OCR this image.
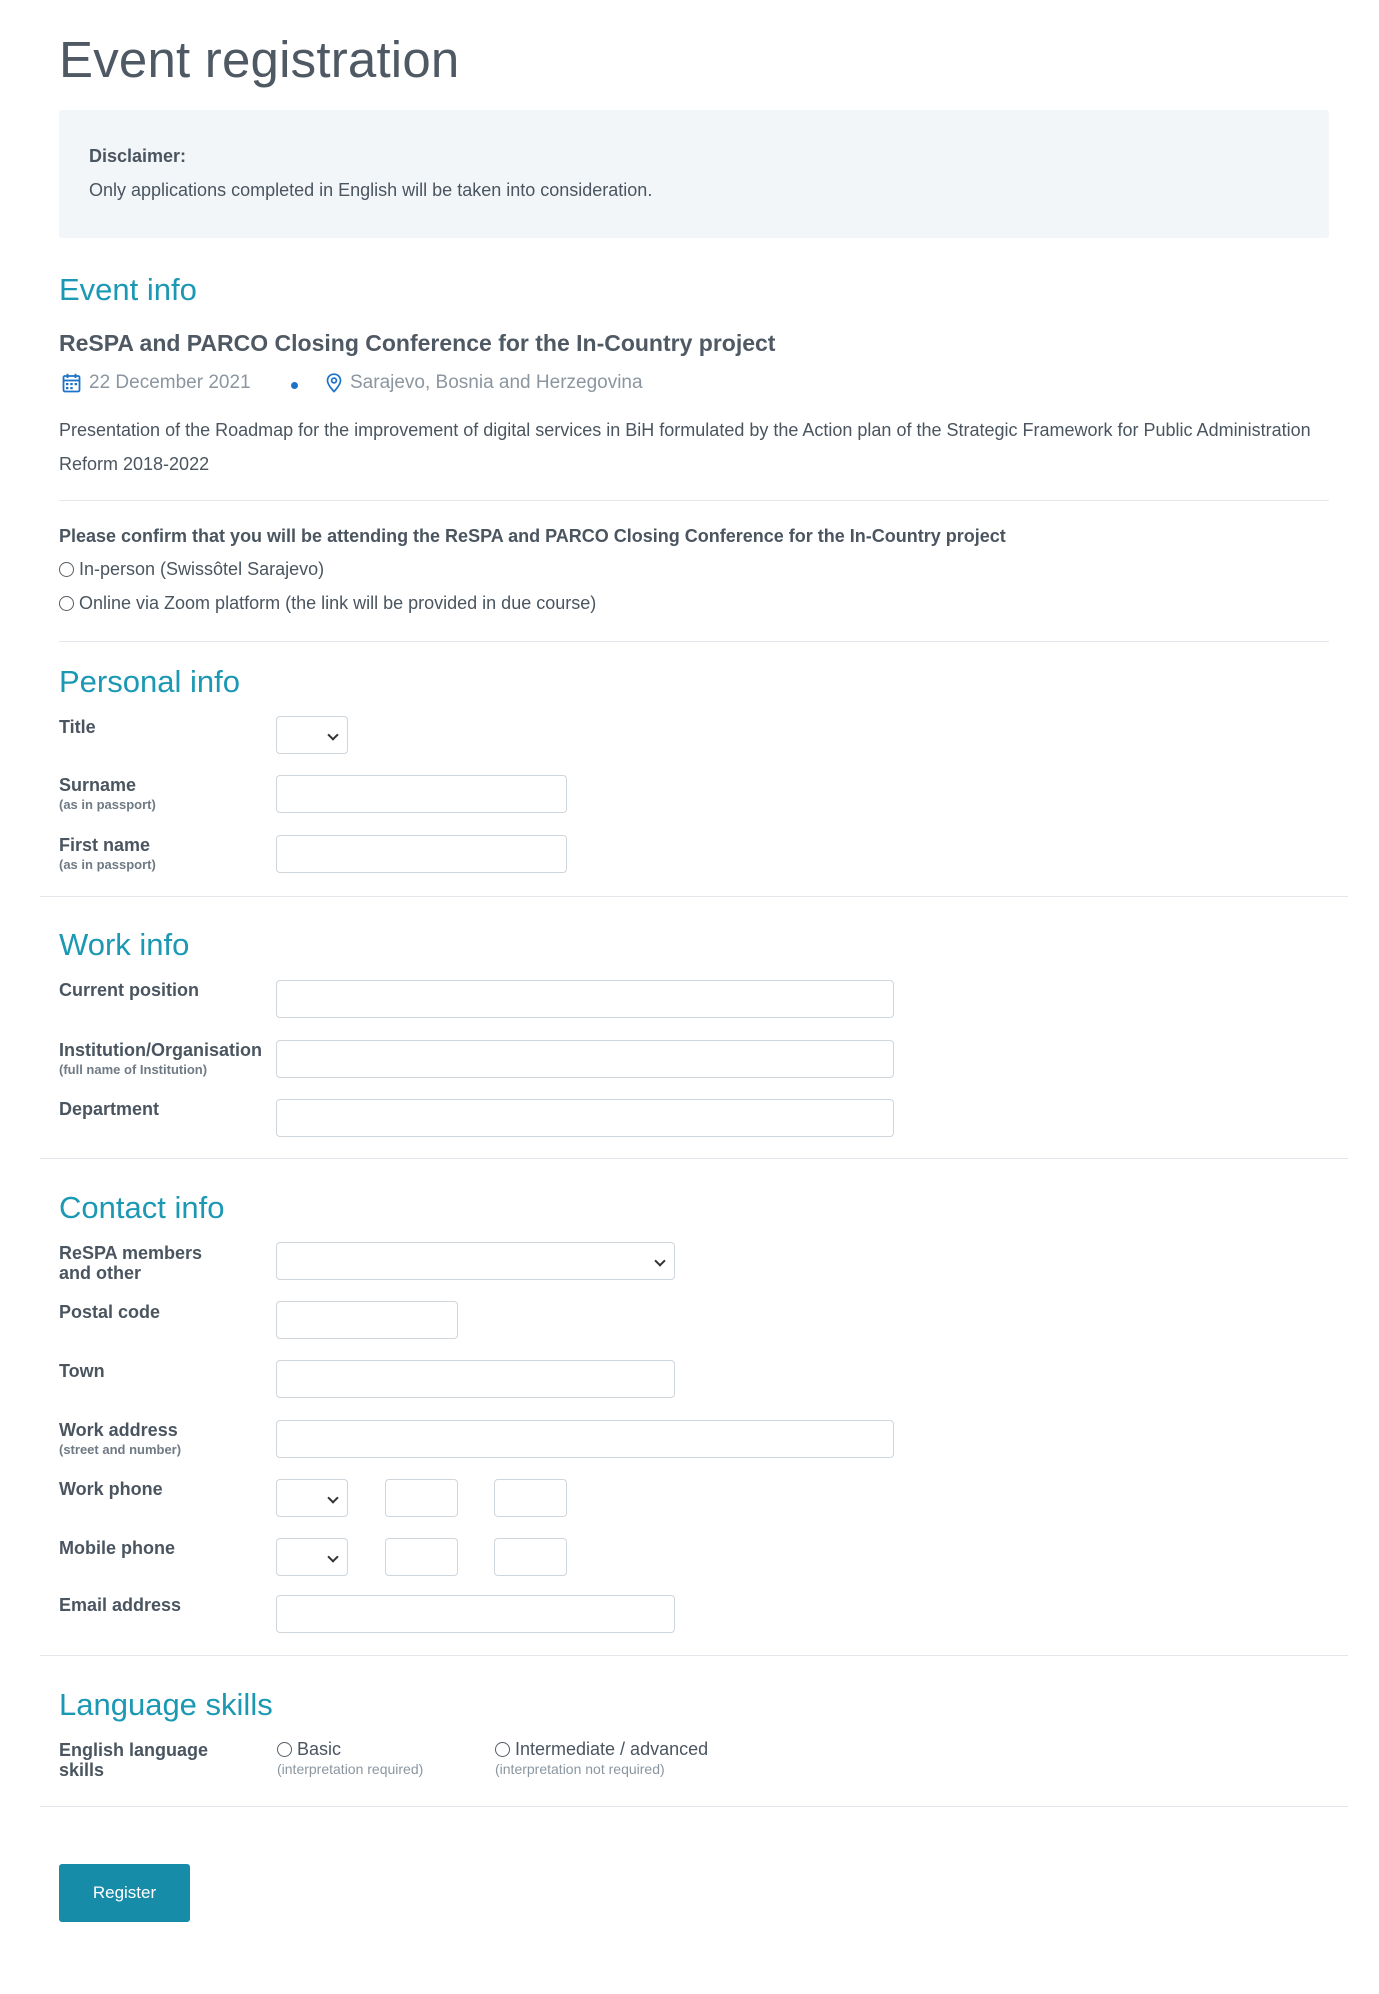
Event registration
Disclaimer:
Only applications completed in English will be taken into consideration.
Event info
ReSPA and PARCO Closing Conference for the In-Country project
22 December 2021	Sarajevo, Bosnia and Herzegovina
Presentation of the Roadmap for the improvement of digital services in BiH formulated by the Action plan of the Strategic Framework for Public Administration Reform 2018-2022
Please confirm that you will be attending the ReSPA and PARCO Closing Conference for the In-Country project
In-person (Swissôtel Sarajevo)
Online via Zoom platform (the link will be provided in due course)
Personal info
Title
Surname
(as in passport)
First name
(as in passport)
Work info
Current position
Institution/Organisation
(full name of Institution)
Department
Contact info
ReSPA members
and other
Postal code
Town
Work address
(street and number)
Work phone
Mobile phone
Email address
Language skills
English language
skills
Basic
(interpretation required)
Intermediate / advanced
(interpretation not required)
Register
